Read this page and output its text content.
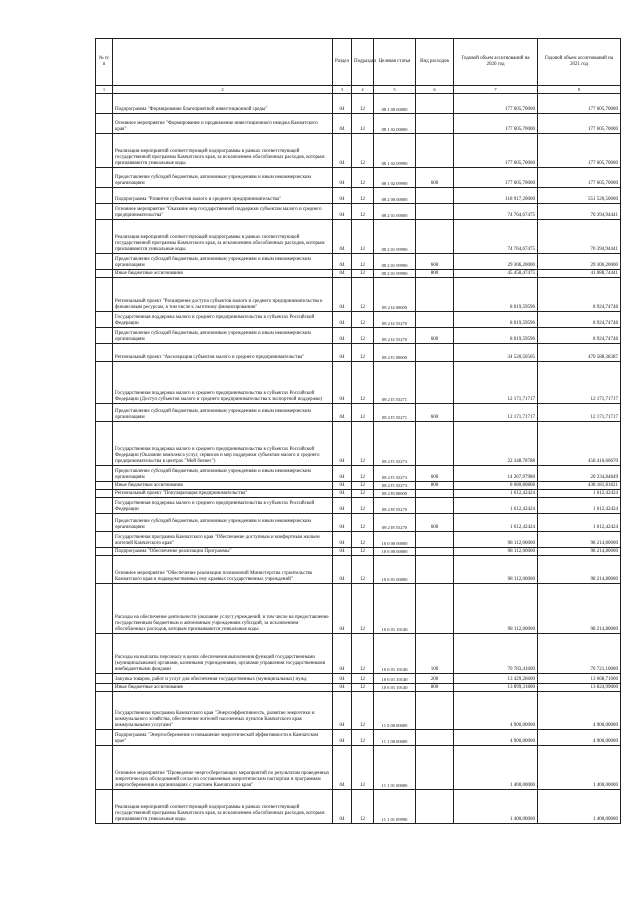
№ п/п		Раздел	Подраздел	Целевая статья	Вид расходов	Годовой объем ассигнований на 2020 год	Годовой объем ассигнований на 2021 год
1	2	3	4	5	6	7	8
	Подпрограмма "Формирование благоприятной инвестиционной среды"	04	12	08 1 00 00000		177 605,70000	177 605,70000
	Основное мероприятие "Формирование и продвижение инвестиционного имиджа Камчатского края"	04	12	08 1 02 00000		177 605,70000	177 605,70000
	Реализация мероприятий соответствующей подпрограммы в рамках соответствующей государственной программы Камчатского края, за исключением обособленных расходов, которым присваиваются уникальные коды	04	12	08 1 02 09990		177 605,70000	177 605,70000
	Предоставление субсидий бюджетным, автономным учреждениям и иным некоммерческим организациям	04	12	08 1 02 09990	600	177 605,70000	177 605,70000
	Подпрограмма "Развитие субъектов малого и среднего предпринимательства"	04	12	08 2 00 00000		118 917,20000	551 520,50000
	Основное мероприятие "Оказание мер государственной поддержки субъектам малого и среднего предпринимательства"	04	12	08 2 01 00000		74 764,67475	70 394,94441
	Реализация мероприятий соответствующей подпрограммы в рамках соответствующей государственной программы Камчатского края, за исключением обособленных расходов, которым присваиваются уникальные коды	04	12	08 2 01 09990		74 764,67475	70 394,94441
	Предоставление субсидий бюджетным, автономным учреждениям и иным некоммерческим организациям	04	12	08 2 01 09990	600	29 306,20000	29 306,20000
	Иные бюджетные ассигнования	04	12	08 2 01 09990	800	45 458,47475	41 088,74441
	Региональный проект "Расширение доступа субъектов малого и среднего предпринимательства к финансовым ресурсам, в том числе к льготному финансированию"	04	12	08 2 I4 00000		8 019,59596	8 924,74748
	Государственная поддержка малого и среднего предпринимательства в субъектах Российской Федерации	04	12	08 2 I4 55270		8 019,59596	8 924,74748
	Предоставление субсидий бюджетным, автономным учреждениям и иным некоммерческим организациям	04	12	08 2 I4 55270	600	8 019,59596	8 924,74748
	Региональный проект "Акселерация субъектов малого и среднего предпринимательства"	04	12	08 2 I5 00000		34 520,50505	470 588,38387
	Государственная поддержка малого и среднего предпринимательства в субъектах Российской Федерации (Доступ субъектов малого и среднего предпринимательства к экспортной поддержке)	04	12	08 2 I5 55271		12 171,71717	12 171,71717
	Предоставление субсидий бюджетным, автономным учреждениям и иным некоммерческим организациям	04	12	08 2 I5 55271	600	12 171,71717	12 171,71717
	Государственная поддержка малого и среднего предпринимательства в субъектах Российской Федерации (Оказание комплекса услуг, сервисов и мер поддержки субъектам малого и среднего предпринимательства в центрах "Мой бизнес")	04	12	08 2 I5 55273		22 348,78788	458 416,66670
	Предоставление субсидий бюджетным, автономным учреждениям и иным некоммерческим организациям	04	12	08 2 I5 55273	600	14 267,97980	20 234,84849
	Иные бюджетные ассигнования	04	12	08 2 I5 55273	800	8 080,80808	438 181,81821
	Региональный проект "Популяризация предпринимательства"	04	12	08 2 I8 00000		1 612,42424	1 612,42424
	Государственная поддержка малого и среднего предпринимательства в субъектах Российской Федерации	04	12	08 2 I8 55270		1 612,42424	1 612,42424
	Предоставление субсидий бюджетным, автономным учреждениям и иным некоммерческим организациям	04	12	08 2 I8 55270	600	1 612,42424	1 612,42424
	Государственная программа Камчатского края "Обеспечение доступным и комфортным жильем жителей Камчатского края"	04	12	10 0 00 00000		98 112,00000	98 214,80000
	Подпрограмма "Обеспечение реализации Программы"	04	12	10 6 00 00000		98 112,00000	98 214,80000
	Основное мероприятие "Обеспечение реализации полномочий Министерства строительства Камчатского края и подведомственных ему краевых государственных учреждений"	04	12	10 6 01 00000		98 112,00000	98 214,80000
	Расходы на обеспечение деятельности (оказание услуг) учреждений, в том числе на предоставление государственным бюджетным и автономным учреждениям субсидий, за исключением обособленных расходов, которым присваиваются уникальные коды	04	12	10 6 01 10140		98 112,00000	98 214,80000
	Расходы на выплаты персоналу в целях обеспечения выполнения функций государственными (муниципальными) органами, казенными учреждениями, органами управления государственными внебюджетными фондами	04	12	10 6 01 10140	100	70 783,41600	70 721,10000
	Закупка товаров, работ и услуг для обеспечения государственных (муниципальных) нужд	04	12	10 6 01 10140	200	13 429,26600	13 668,71000
	Иные бюджетные ассигнования	04	12	10 6 01 10140	800	13 899,31800	13 824,99000
	Государственная программа Камчатского края "Энергоэффективность, развитие энергетики и коммунального хозяйства, обеспечение жителей населенных пунктов Камчатского края коммунальными услугами"	04	12	11 0 00 00000		4 900,00000	4 900,00000
	Подпрограмма "Энергосбережение и повышение энергетической эффективности в Камчатском крае"	04	12	11 1 00 00000		4 900,00000	4 900,00000
	Основное мероприятие "Проведение энергосберегающих мероприятий по результатам проведенных энергетических обследований согласно составленным энергетическим паспортам и программам энергосбережения в организациях с участием Камчатского края"	04	12	11 1 01 00000		1 400,00000	1 400,00000
	Реализация мероприятий соответствующей подпрограммы в рамках соответствующей государственной программы Камчатского края, за исключением обособленных расходов, которым присваиваются уникальные коды	04	12	11 1 01 09990		1 400,00000	1 400,00000
